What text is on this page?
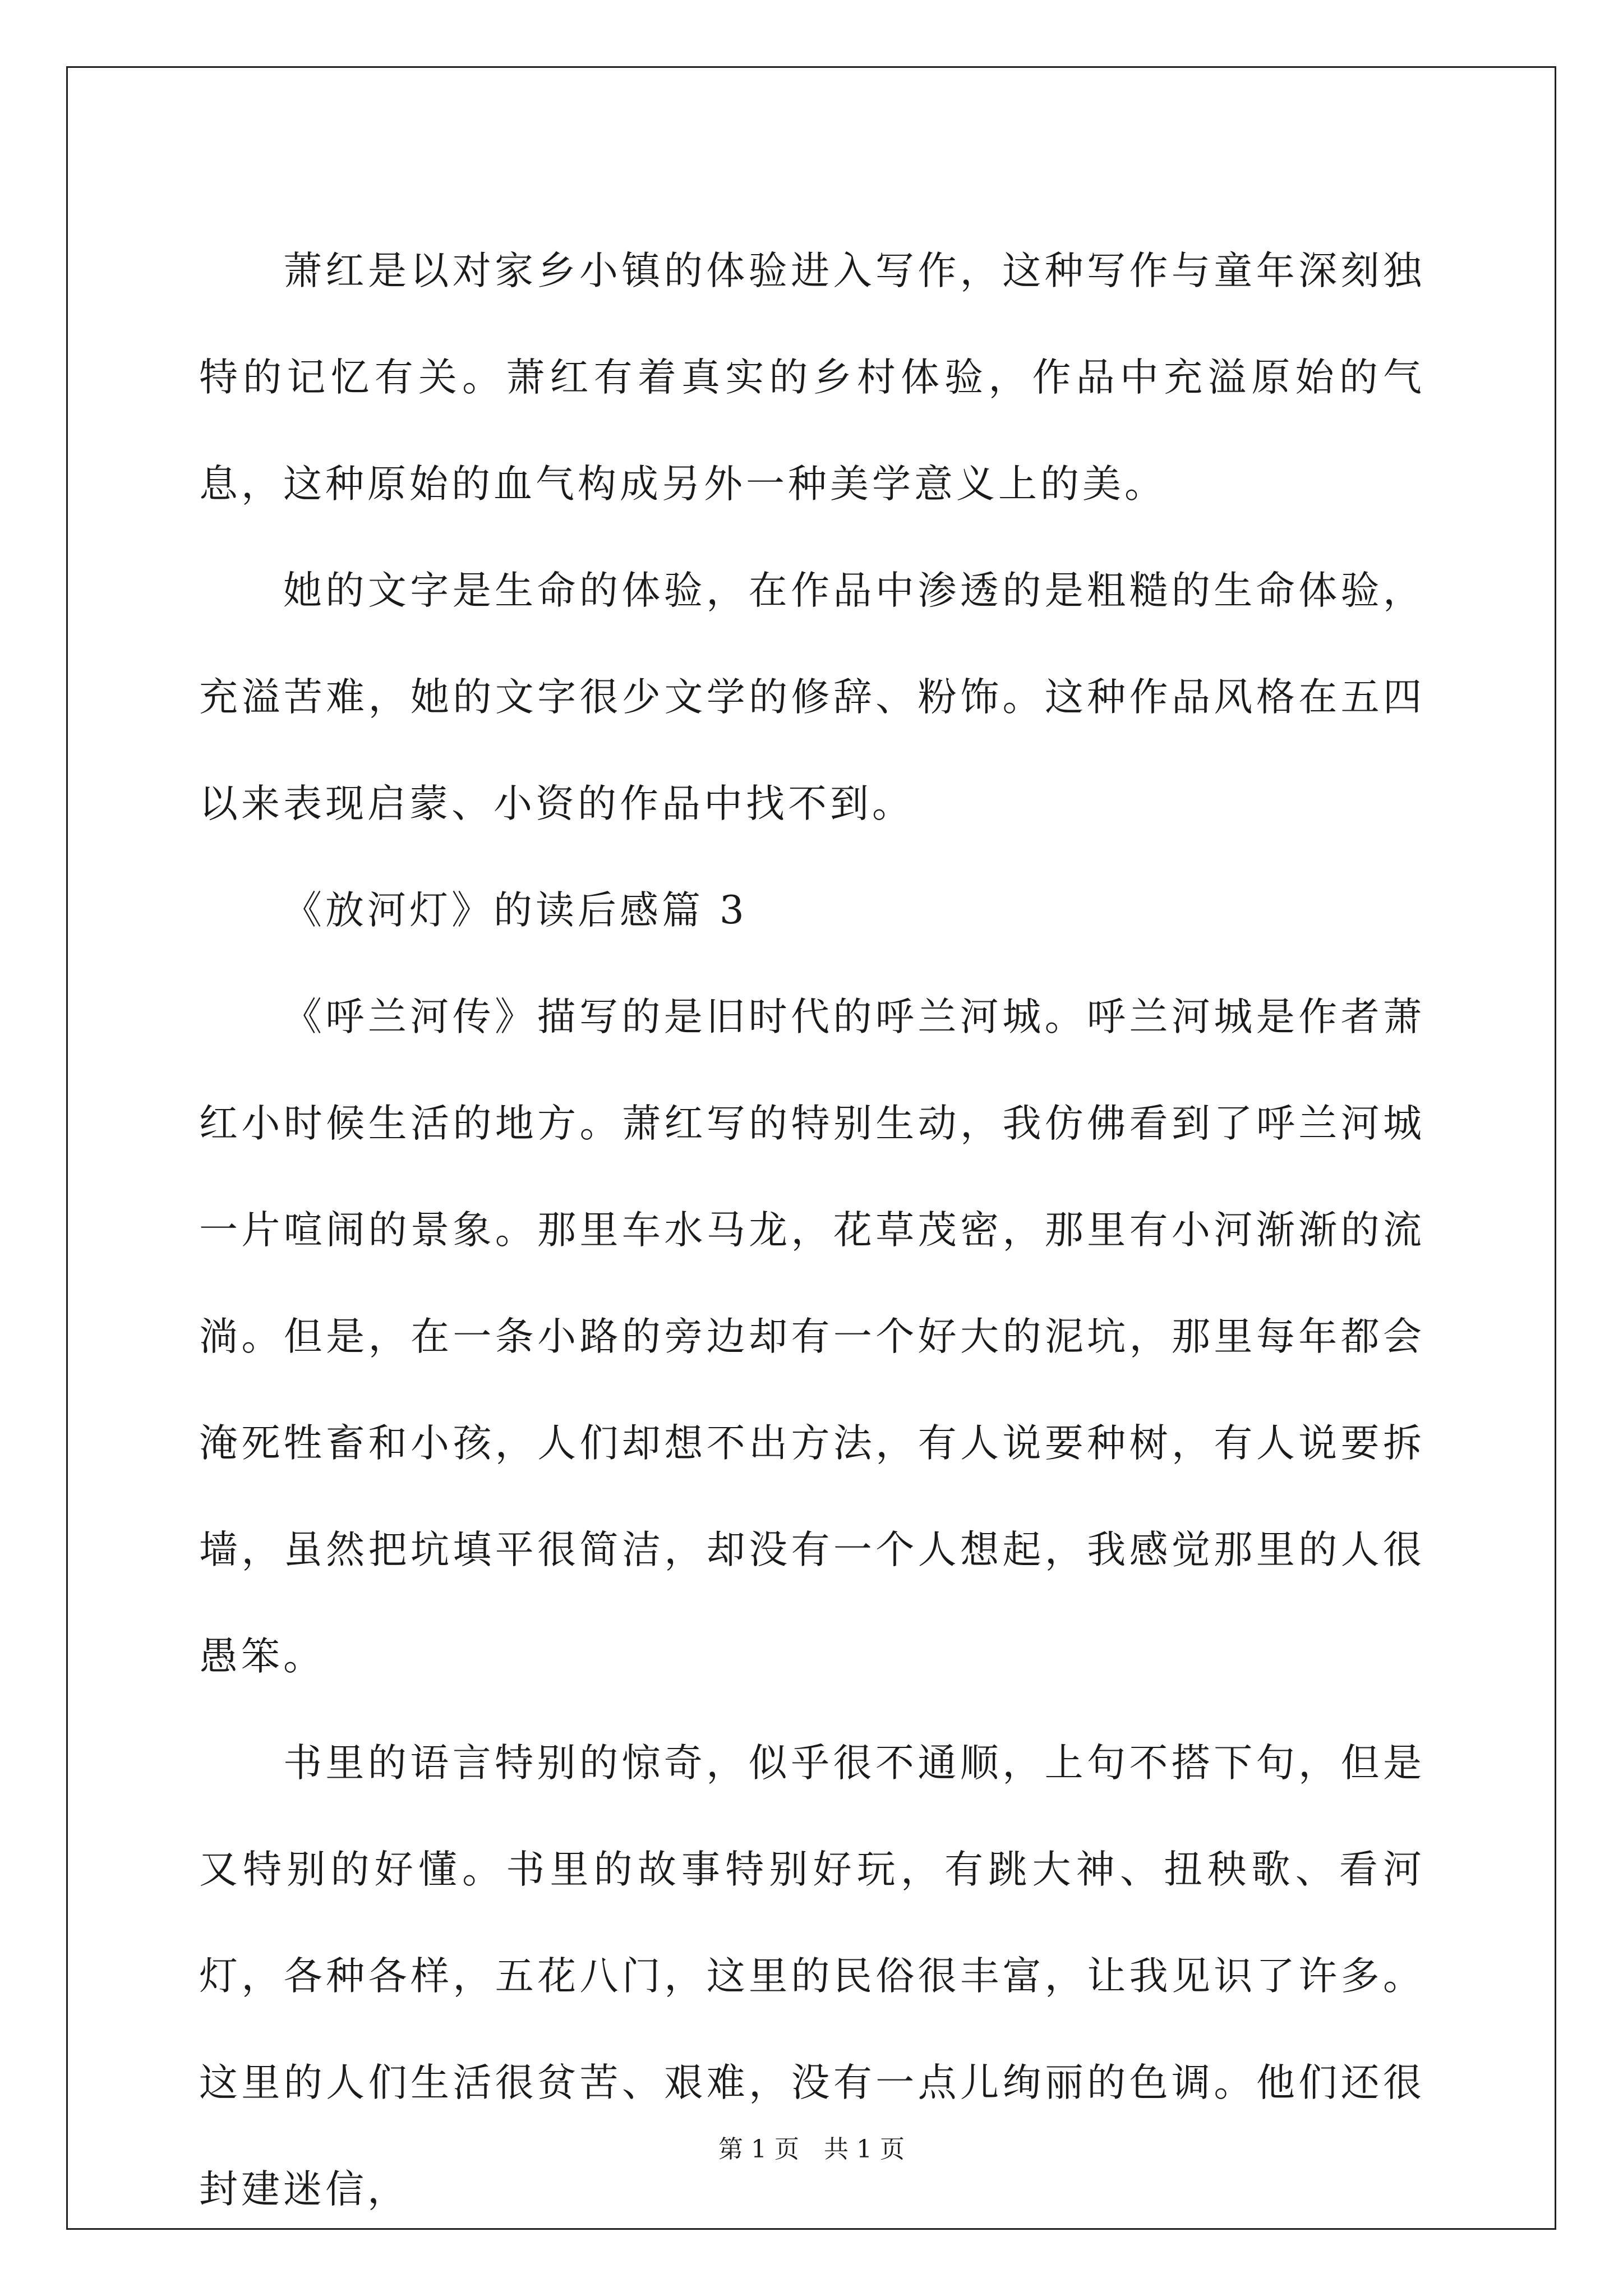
萧红是以对家乡小镇的体验进入写作，这种写作与童年深刻独特的记忆有关。萧红有着真实的乡村体验，作品中充溢原始的气息，这种原始的血气构成另外一种美学意义上的美。

她的文字是生命的体验，在作品中渗透的是粗糙的生命体验，充溢苦难，她的文字很少文学的修辞、粉饰。这种作品风格在五四以来表现启蒙、小资的作品中找不到。

《放河灯》的读后感篇 3

《呼兰河传》描写的是旧时代的呼兰河城。呼兰河城是作者萧红小时候生活的地方。萧红写的特别生动，我仿佛看到了呼兰河城一片喧闹的景象。那里车水马龙，花草茂密，那里有小河渐渐的流淌。但是，在一条小路的旁边却有一个好大的泥坑，那里每年都会淹死牲畜和小孩，人们却想不出方法，有人说要种树，有人说要拆墙，虽然把坑填平很简洁，却没有一个人想起，我感觉那里的人很愚笨。

书里的语言特别的惊奇，似乎很不通顺，上句不搭下句，但是又特别的好懂。书里的故事特别好玩，有跳大神、扭秧歌、看河灯，各种各样，五花八门，这里的民俗很丰富，让我见识了许多。这里的人们生活很贫苦、艰难，没有一点儿绚丽的色调。他们还很封建迷信，

第 1 页　共 1 页
